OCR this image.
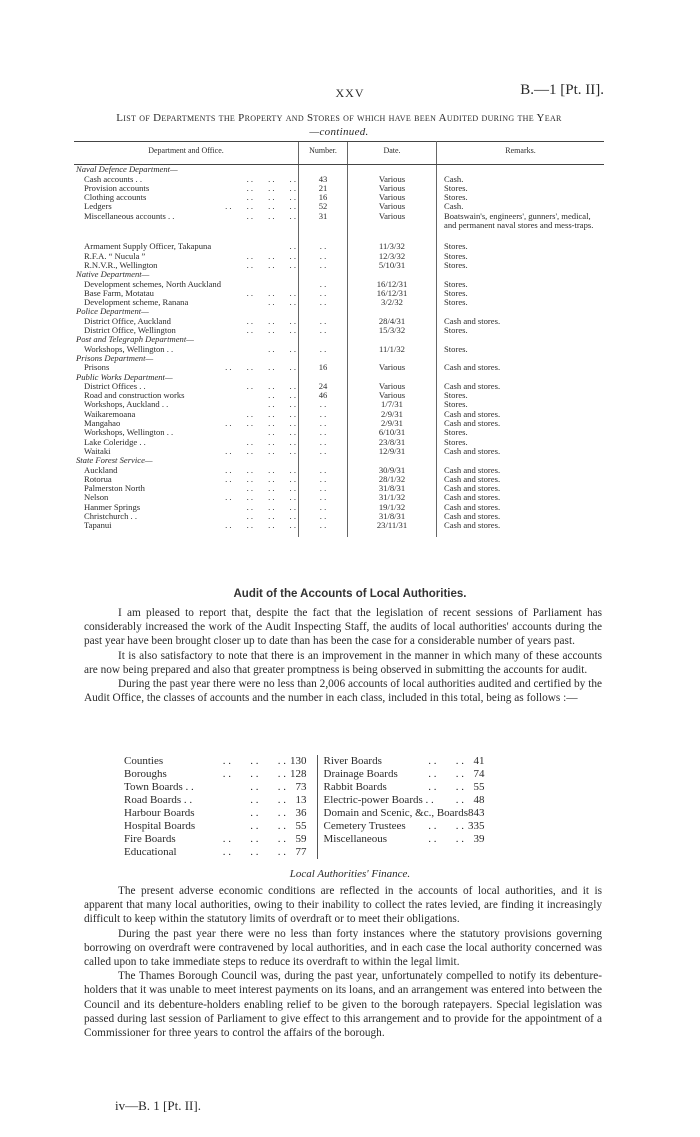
XXV	B.—1 [Pt. II].
List of Departments the Property and Stores of which have been Audited during the Year
—continued.
Department and Office.	Number.	Date.	Remarks.
Naval Defence Department—			
Cash accounts . . . .       . .       . .	43	Various	Cash.
Provision accounts . .       . .       . .	21	Various	Stores.
Clothing accounts . .       . .       . .	16	Various	Stores.
Ledgers . .       . .       . .       . .	52	Various	Cash.
Miscellaneous accounts . . . .       . .       . .	31	Various	Boatswain's, engineers', gunners', medical, and permanent naval stores and mess-traps.

Armament Supply Officer, Takapuna . .	. .	11/3/32	Stores.
R.F.A. “ Nucula ” . .       . .       . .	. .	12/3/32	Stores.
R.N.V.R., Wellington . .       . .       . .	. .	5/10/31	Stores.
Native Department—			
Development schemes, North Auckland	. .	16/12/31	Stores.
Base Farm, Motatau . .       . .       . .	. .	16/12/31	Stores.
Development scheme, Ranana . .       . .	. .	3/2/32	Stores.
Police Department—			
District Office, Auckland . .       . .       . .	. .	28/4/31	Cash and stores.
District Office, Wellington . .       . .       . .	. .	15/3/32	Stores.
Post and Telegraph Department—			
Workshops, Wellington . . . .       . .	. .	11/1/32	Stores.
Prisons Department—			
Prisons . .       . .       . .       . .	16	Various	Cash and stores.
Public Works Department—			
District Offices . . . .       . .       . .	24	Various	Cash and stores.
Road and construction works . .       . .	46	Various	Stores.
Workshops, Auckland . . . .       . .	. .	1/7/31	Stores.
Waikaremoana . .       . .       . .	. .	2/9/31	Cash and stores.
Mangahao . .       . .       . .       . .	. .	2/9/31	Cash and stores.
Workshops, Wellington . . . .       . .	. .	6/10/31	Stores.
Lake Coleridge . . . .       . .       . .	. .	23/8/31	Stores.
Waitaki . .       . .       . .       . .	. .	12/9/31	Cash and stores.
State Forest Service—			
Auckland . .       . .       . .       . .	. .	30/9/31	Cash and stores.
Rotorua . .       . .       . .       . .	. .	28/1/32	Cash and stores.
Palmerston North . .       . .       . .	. .	31/8/31	Cash and stores.
Nelson . .       . .       . .       . .	. .	31/1/32	Cash and stores.
Hanmer Springs . .       . .       . .	. .	19/1/32	Cash and stores.
Christchurch . . . .       . .       . .	. .	31/8/31	Cash and stores.
Tapanui . .       . .       . .       . .	. .	23/11/31	Cash and stores.

Audit of the Accounts of Local Authorities.

I am pleased to report that, despite the fact that the legislation of recent sessions of Parliament has considerably increased the work of the Audit Inspecting Staff, the audits of local authorities' accounts during the past year have been brought closer up to date than has been the case for a considerable number of years past.

It is also satisfactory to note that there is an improvement in the manner in which many of these accounts are now being prepared and also that greater promptness is being observed in submitting the accounts for audit.

During the past year there were no less than 2,006 accounts of local authorities audited and certified by the Audit Office, the classes of accounts and the number in each class, included in this total, being as follows :—

Counties . .       . .       . .	130	River Boards . .       . .	41
Boroughs . .       . .       . .	128	Drainage Boards . .       . .	74
Town Boards . . . .       . .	73	Rabbit Boards . .       . .	55
Road Boards . . . .       . .	13	Electric-power Boards . . . .	48
Harbour Boards . .       . .	36	Domain and Scenic, &c., Boards	843
Hospital Boards . .       . .	55	Cemetery Trustees . .       . .	335
Fire Boards . .       . .       . .	59	Miscellaneous . .       . .	39
Educational . .       . .       . .	77		
Local Authorities' Finance.

The present adverse economic conditions are reflected in the accounts of local authorities, and it is apparent that many local authorities, owing to their inability to collect the rates levied, are finding it increasingly difficult to keep within the statutory limits of overdraft or to meet their obligations.

During the past year there were no less than forty instances where the statutory provisions governing borrowing on overdraft were contravened by local authorities, and in each case the local authority concerned was called upon to take immediate steps to reduce its overdraft to within the legal limit.

The Thames Borough Council was, during the past year, unfortunately compelled to notify its debenture-holders that it was unable to meet interest payments on its loans, and an arrangement was entered into between the Council and its debenture-holders enabling relief to be given to the borough ratepayers. Special legislation was passed during last session of Parliament to give effect to this arrangement and to provide for the appointment of a Commissioner for three years to control the affairs of the borough.

iv—B. 1 [Pt. II].
